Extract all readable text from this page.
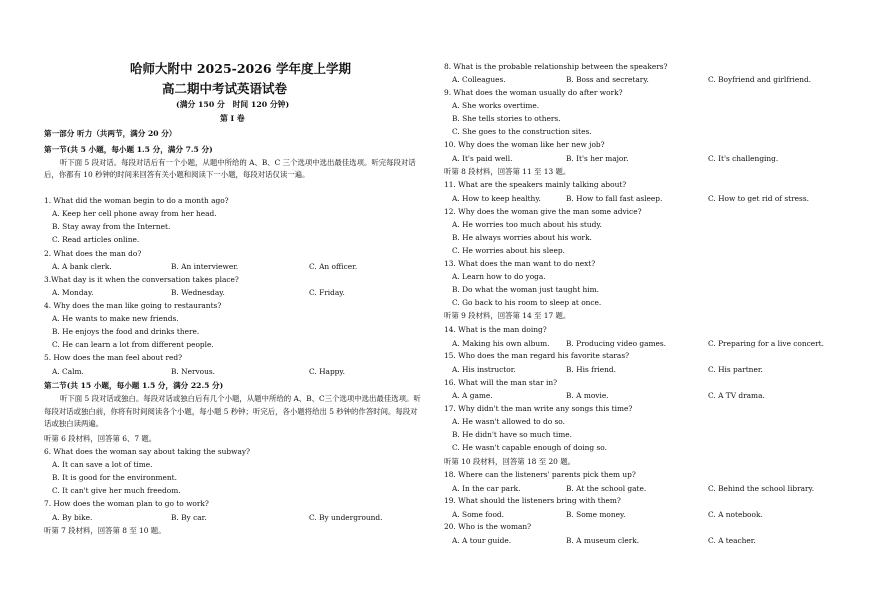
哈师大附中 2025-2026 学年度上学期
高二期中考试英语试卷
(满分 150 分　时间 120 分钟)
第 I 卷
第一部分 听力（共两节，满分 20 分）
第一节(共 5 小题，每小题 1.5 分，满分 7.5 分)
听下面 5 段对话。每段对话后有一个小题，从题中所给的 A、B、C 三个选项中选出最佳选项。听完每段对话后，你都有 10 秒钟的时间来回答有关小题和阅读下一小题，每段对话仅读一遍。
1. What did the woman begin to do a month ago?
A. Keep her cell phone away from her head.
B. Stay away from the Internet.
C. Read articles online.
2. What does the man do?
A. A bank clerk.	B. An interviewer.	C. An officer.
3.What day is it when the conversation takes place?
A. Monday.	B. Wednesday.	C. Friday.
4. Why does the man like going to restaurants?
A. He wants to make new friends.
B. He enjoys the food and drinks there.
C. He can learn a lot from different people.
5. How does the man feel about red?
A. Calm.	B. Nervous.	C. Happy.
第二节(共 15 小题，每小题 1.5 分，满分 22.5 分)
听下面 5 段对话或独白。每段对话或独白后有几个小题，从题中所给的 A、B、C三个选项中选出最佳选项。听每段对话或独白前，你将有时间阅读各个小题，每小题 5 秒钟；听完后，各小题将给出 5 秒钟的作答时间。每段对话或独白读两遍。
听第 6 段材料，回答第 6、7 题。
6. What does the woman say about taking the subway?
A. It can save a lot of time.
B. It is good for the environment.
C. It can't give her much freedom.
7. How does the woman plan to go to work?
A. By bike.	B. By car.	C. By underground.
听第 7 段材料，回答第 8 至 10 题。
8. What is the probable relationship between the speakers?
A. Colleagues.	B. Boss and secretary.	C. Boyfriend and girlfriend.
9. What does the woman usually do after work?
A. She works overtime.
B. She tells stories to others.
C. She goes to the construction sites.
10. Why does the woman like her new job?
A. It's paid well.	B. It's her major.	C. It's challenging.
听第 8 段材料，回答第 11 至 13 题。
11. What are the speakers mainly talking about?
A. How to keep healthy.	B. How to fall fast asleep.	C. How to get rid of stress.
12. Why does the woman give the man some advice?
A. He worries too much about his study.
B. He always worries about his work.
C. He worries about his sleep.
13. What does the man want to do next?
A. Learn how to do yoga.
B. Do what the woman just taught him.
C. Go back to his room to sleep at once.
听第 9 段材料，回答第 14 至 17 题。
14. What is the man doing?
A. Making his own album. B. Producing video games.	C. Preparing for a live concert.
15. Who does the man regard his favorite staras?
A. His instructor.	B. His friend.	C. His partner.
16. What will the man star in?
A. A game.	B. A movie.	C. A TV drama.
17. Why didn't the man write any songs this time?
A. He wasn't allowed to do so.
B. He didn't have so much time.
C. He wasn't capable enough of doing so.
听第 10 段材料，回答第 18 至 20 题。
18. Where can the listeners' parents pick them up?
A. In the car park.	B. At the school gate.	C. Behind the school library.
19. What should the listeners bring with them?
A. Some food.	B. Some money.	C. A notebook.
20. Who is the woman?
A. A tour guide.	B. A museum clerk.	C. A teacher.
